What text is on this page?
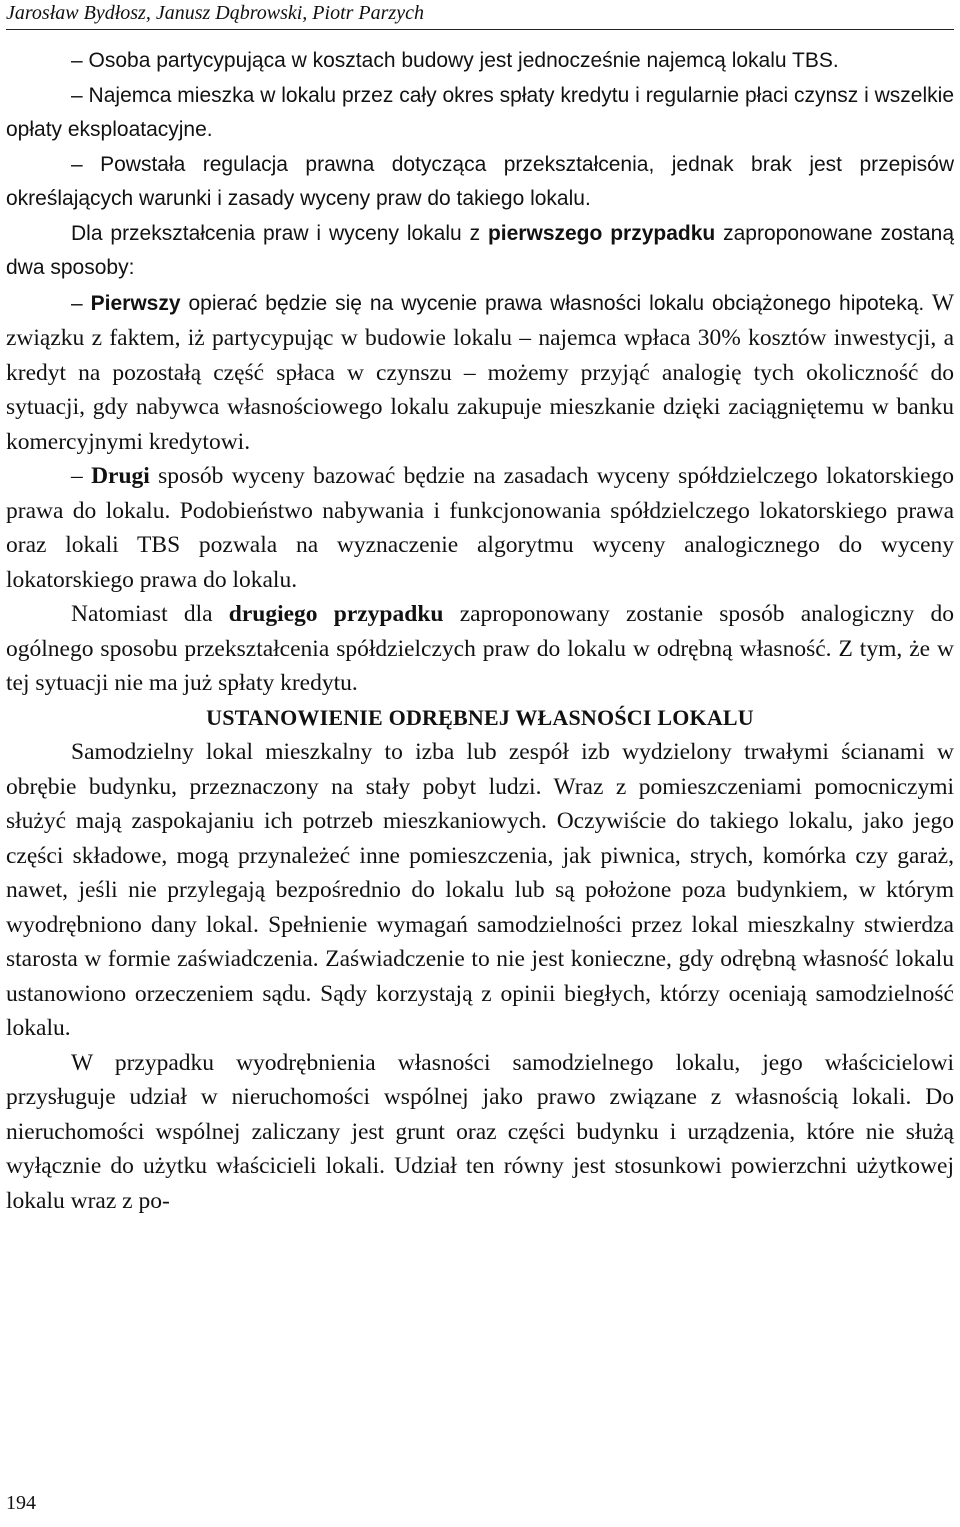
Jarosław Bydłosz, Janusz Dąbrowski, Piotr Parzych

– Osoba partycypująca w kosztach budowy jest jednocześnie najemcą lokalu TBS.

– Najemca mieszka w lokalu przez cały okres spłaty kredytu i regularnie płaci czynsz i wszelkie opłaty eksploatacyjne.

– Powstała regulacja prawna dotycząca przekształcenia, jednak brak jest przepisów określających warunki i zasady wyceny praw do takiego lokalu.

Dla przekształcenia praw i wyceny lokalu z pierwszego przypadku zaproponowane zostaną dwa sposoby:

– Pierwszy opierać będzie się na wycenie prawa własności lokalu obciążonego hipoteką. W związku z faktem, iż partycypując w budowie lokalu – najemca wpłaca 30% kosztów inwestycji, a kredyt na pozostałą część spłaca w czynszu – możemy przyjąć analogię tych okoliczność do sytuacji, gdy nabywca własnościowego lokalu zakupuje mieszkanie dzięki zaciągniętemu w banku komercyjnymi kredytowi.

– Drugi sposób wyceny bazować będzie na zasadach wyceny spółdzielczego lokatorskiego prawa do lokalu. Podobieństwo nabywania i funkcjonowania spółdzielczego lokatorskiego prawa oraz lokali TBS pozwala na wyznaczenie algorytmu wyceny analogicznego do wyceny lokatorskiego prawa do lokalu.

Natomiast dla drugiego przypadku zaproponowany zostanie sposób analogiczny do ogólnego sposobu przekształcenia spółdzielczych praw do lokalu w odrębną własność. Z tym, że w tej sytuacji nie ma już spłaty kredytu.

USTANOWIENIE ODRĘBNEJ WŁASNOŚCI LOKALU

Samodzielny lokal mieszkalny to izba lub zespół izb wydzielony trwałymi ścianami w obrębie budynku, przeznaczony na stały pobyt ludzi. Wraz z pomieszczeniami pomocniczymi służyć mają zaspokajaniu ich potrzeb mieszkaniowych. Oczywiście do takiego lokalu, jako jego części składowe, mogą przynależeć inne pomieszczenia, jak piwnica, strych, komórka czy garaż, nawet, jeśli nie przylegają bezpośrednio do lokalu lub są położone poza budynkiem, w którym wyodrębniono dany lokal. Spełnienie wymagań samodzielności przez lokal mieszkalny stwierdza starosta w formie zaświadczenia. Zaświadczenie to nie jest konieczne, gdy odrębną własność lokalu ustanowiono orzeczeniem sądu. Sądy korzystają z opinii biegłych, którzy oceniają samodzielność lokalu.

W przypadku wyodrębnienia własności samodzielnego lokalu, jego właścicielowi przysługuje udział w nieruchomości wspólnej jako prawo związane z własnością lokali. Do nieruchomości wspólnej zaliczany jest grunt oraz części budynku i urządzenia, które nie służą wyłącznie do użytku właścicieli lokali. Udział ten równy jest stosunkowi powierzchni użytkowej lokalu wraz z po-

194
